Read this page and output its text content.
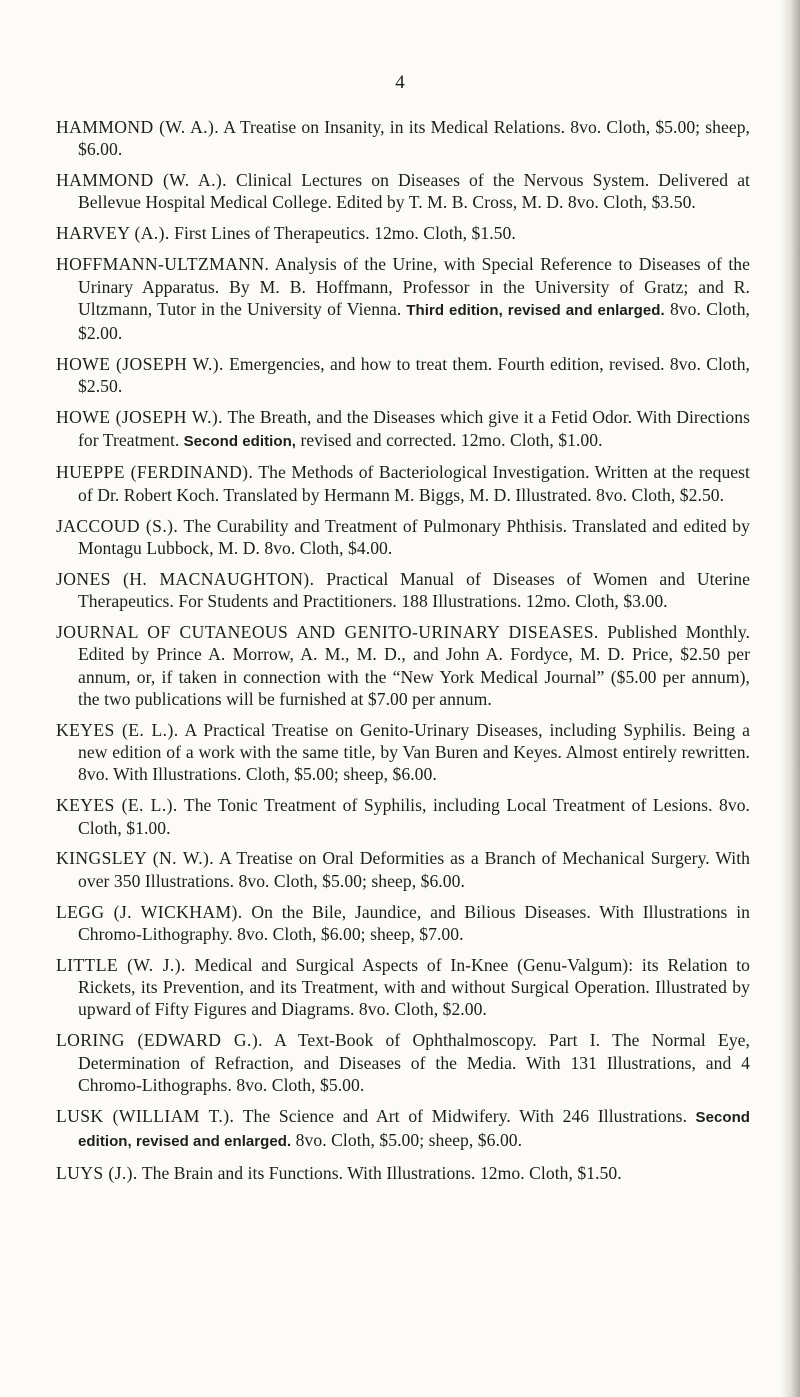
4

HAMMOND (W. A.). A Treatise on Insanity, in its Medical Relations. 8vo. Cloth, $5.00; sheep, $6.00.

HAMMOND (W. A.). Clinical Lectures on Diseases of the Nervous System. Delivered at Bellevue Hospital Medical College. Edited by T. M. B. Cross, M. D. 8vo. Cloth, $3.50.

HARVEY (A.). First Lines of Therapeutics. 12mo. Cloth, $1.50.

HOFFMANN-ULTZMANN. Analysis of the Urine, with Special Reference to Diseases of the Urinary Apparatus. By M. B. Hoffmann, Professor in the University of Gratz; and R. Ultzmann, Tutor in the University of Vienna. Third edition, revised and enlarged. 8vo. Cloth, $2.00.

HOWE (JOSEPH W.). Emergencies, and how to treat them. Fourth edition, revised. 8vo. Cloth, $2.50.

HOWE (JOSEPH W.). The Breath, and the Diseases which give it a Fetid Odor. With Directions for Treatment. Second edition, revised and corrected. 12mo. Cloth, $1.00.

HUEPPE (FERDINAND). The Methods of Bacteriological Investigation. Written at the request of Dr. Robert Koch. Translated by Hermann M. Biggs, M. D. Illustrated. 8vo. Cloth, $2.50.

JACCOUD (S.). The Curability and Treatment of Pulmonary Phthisis. Translated and edited by Montagu Lubbock, M. D. 8vo. Cloth, $4.00.

JONES (H. MACNAUGHTON). Practical Manual of Diseases of Women and Uterine Therapeutics. For Students and Practitioners. 188 Illustrations. 12mo. Cloth, $3.00.

JOURNAL OF CUTANEOUS AND GENITO-URINARY DISEASES. Published Monthly. Edited by Prince A. Morrow, A. M., M. D., and John A. Fordyce, M. D. Price, $2.50 per annum, or, if taken in connection with the “New York Medical Journal” ($5.00 per annum), the two publications will be furnished at $7.00 per annum.

KEYES (E. L.). A Practical Treatise on Genito-Urinary Diseases, including Syphilis. Being a new edition of a work with the same title, by Van Buren and Keyes. Almost entirely rewritten. 8vo. With Illustrations. Cloth, $5.00; sheep, $6.00.

KEYES (E. L.). The Tonic Treatment of Syphilis, including Local Treatment of Lesions. 8vo. Cloth, $1.00.

KINGSLEY (N. W.). A Treatise on Oral Deformities as a Branch of Mechanical Surgery. With over 350 Illustrations. 8vo. Cloth, $5.00; sheep, $6.00.

LEGG (J. WICKHAM). On the Bile, Jaundice, and Bilious Diseases. With Illustrations in Chromo-Lithography. 8vo. Cloth, $6.00; sheep, $7.00.

LITTLE (W. J.). Medical and Surgical Aspects of In-Knee (Genu-Valgum): its Relation to Rickets, its Prevention, and its Treatment, with and without Surgical Operation. Illustrated by upward of Fifty Figures and Diagrams. 8vo. Cloth, $2.00.

LORING (EDWARD G.). A Text-Book of Ophthalmoscopy. Part I. The Normal Eye, Determination of Refraction, and Diseases of the Media. With 131 Illustrations, and 4 Chromo-Lithographs. 8vo. Cloth, $5.00.

LUSK (WILLIAM T.). The Science and Art of Midwifery. With 246 Illustrations. Second edition, revised and enlarged. 8vo. Cloth, $5.00; sheep, $6.00.

LUYS (J.). The Brain and its Functions. With Illustrations. 12mo. Cloth, $1.50.
